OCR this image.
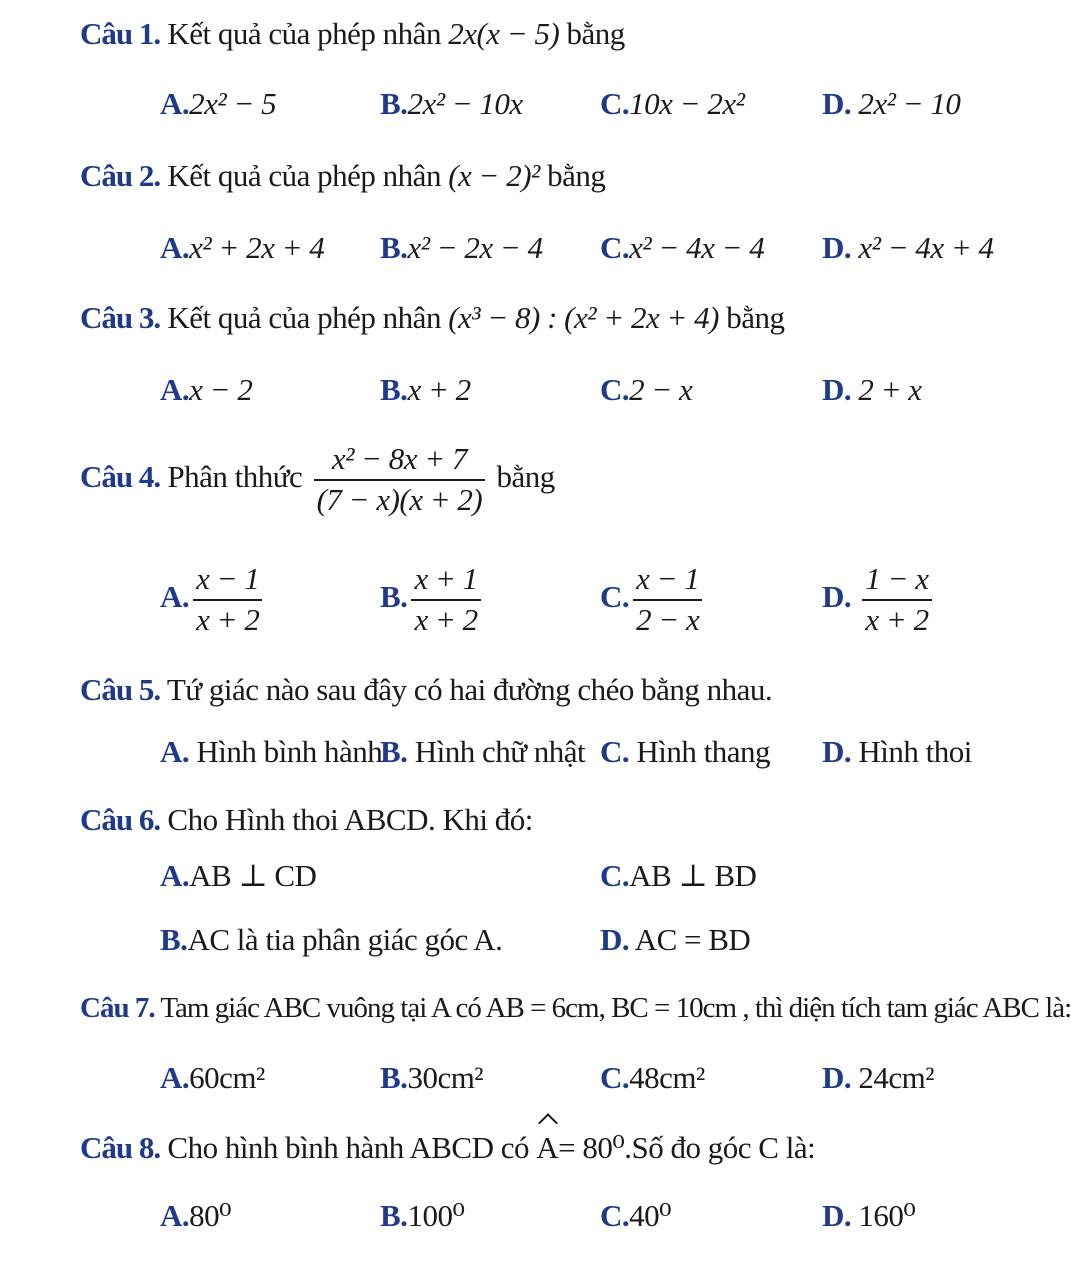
Câu 1. Kết quả của phép nhân 2x(x − 5) bằng
A.2x² − 5	B.2x² − 10x C.10x − 2x²	D. 2x² − 10
Câu 2. Kết quả của phép nhân (x − 2)² bằng
A.x² + 2x + 4 B.x² − 2x − 4 C.x² − 4x − 4 D. x² − 4x + 4
Câu 3. Kết quả của phép nhân (x³ − 8) : (x² + 2x + 4) bằng
A.x − 2	B.x + 2	C.2 − x	D. 2 + x
Câu 4. Phân thhức $\frac{\text{x² − 8x + 7}}{(7 - x)(x + 2)}$ bằng
A. $\frac{x - 1}{x + 2}$	B. $\frac{x + 1}{x + 2}$	C. $\frac{x - 1}{2 - x}$	D. $\frac{1 - x}{x + 2}$
Câu 5. Tứ giác nào sau đây có hai đường chéo bằng nhau.
A. Hình bình hành
B. Hình chữ nhật C. Hình thang D. Hình thoi
Câu 6. Cho Hình thoi ABCD. Khi đó:
A.AB ⊥ CD	C.AB ⊥ BD
B.AC là tia phân giác góc A.	D. AC = BD
Câu 7. Tam giác ABC vuông tại A có AB = 6cm, BC = 10cm , thì diện tích tam giác ABC là:
A.60cm²	B.30cm²	C.48cm²	D. 24cm²
Câu 8. Cho hình bình hành ABCD có A= 80⁰.Số đo góc C là:
A.80⁰	B.100⁰	C.40⁰	D. 160⁰
